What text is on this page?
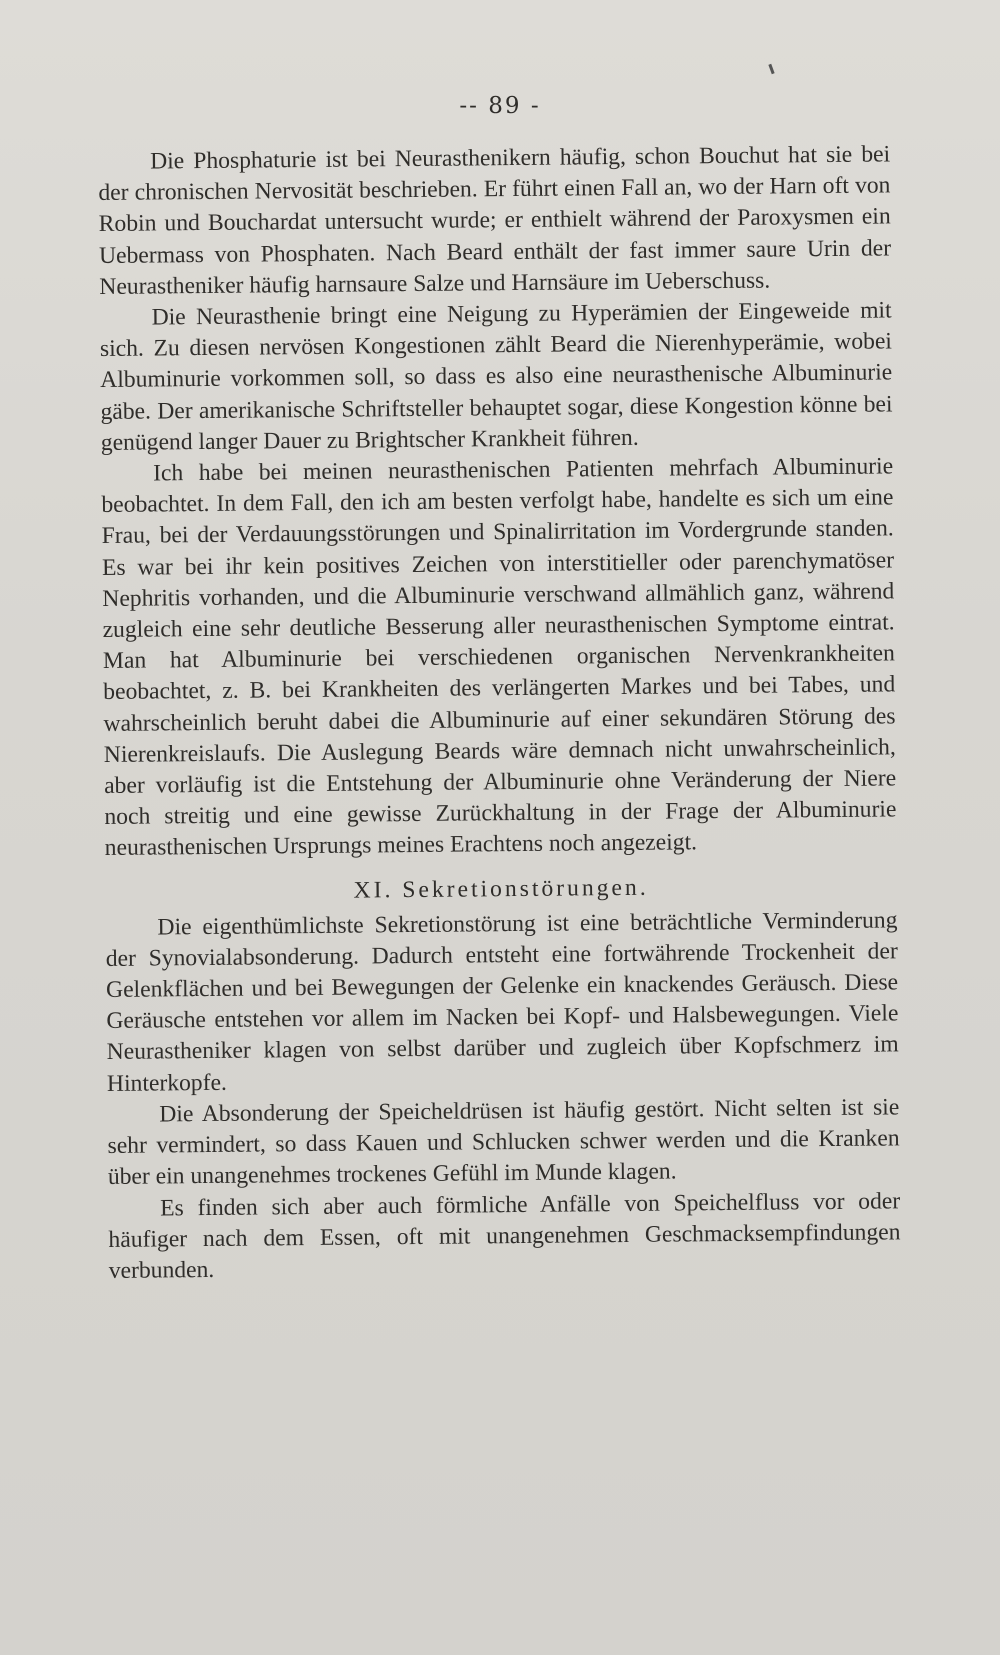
-- 89 -

Die Phosphaturie ist bei Neurasthenikern häufig, schon Bouchut hat sie bei der chronischen Nervosität beschrieben. Er führt einen Fall an, wo der Harn oft von Robin und Bouchardat untersucht wurde; er enthielt während der Paroxysmen ein Uebermass von Phosphaten. Nach Beard enthält der fast immer saure Urin der Neurastheniker häufig harnsaure Salze und Harnsäure im Ueberschuss.

Die Neurasthenie bringt eine Neigung zu Hyperämien der Eingeweide mit sich. Zu diesen nervösen Kongestionen zählt Beard die Nierenhyperämie, wobei Albuminurie vorkommen soll, so dass es also eine neurasthenische Albuminurie gäbe. Der amerikanische Schriftsteller behauptet sogar, diese Kongestion könne bei genügend langer Dauer zu Brightscher Krankheit führen.

Ich habe bei meinen neurasthenischen Patienten mehrfach Albuminurie beobachtet. In dem Fall, den ich am besten verfolgt habe, handelte es sich um eine Frau, bei der Verdauungsstörungen und Spinalirritation im Vordergrunde standen. Es war bei ihr kein positives Zeichen von interstitieller oder parenchymatöser Nephritis vorhanden, und die Albuminurie verschwand allmählich ganz, während zugleich eine sehr deutliche Besserung aller neurasthenischen Symptome eintrat. Man hat Albuminurie bei verschiedenen organischen Nervenkrankheiten beobachtet, z. B. bei Krankheiten des verlängerten Markes und bei Tabes, und wahrscheinlich beruht dabei die Albuminurie auf einer sekundären Störung des Nierenkreislaufs. Die Auslegung Beards wäre demnach nicht unwahrscheinlich, aber vorläufig ist die Entstehung der Albuminurie ohne Veränderung der Niere noch streitig und eine gewisse Zurückhaltung in der Frage der Albuminurie neurasthenischen Ursprungs meines Erachtens noch angezeigt.

XI. Sekretionstörungen.

Die eigenthümlichste Sekretionstörung ist eine beträchtliche Verminderung der Synovialabsonderung. Dadurch entsteht eine fortwährende Trockenheit der Gelenkflächen und bei Bewegungen der Gelenke ein knackendes Geräusch. Diese Geräusche entstehen vor allem im Nacken bei Kopf- und Halsbewegungen. Viele Neurastheniker klagen von selbst darüber und zugleich über Kopfschmerz im Hinterkopfe.

Die Absonderung der Speicheldrüsen ist häufig gestört. Nicht selten ist sie sehr vermindert, so dass Kauen und Schlucken schwer werden und die Kranken über ein unangenehmes trockenes Gefühl im Munde klagen.

Es finden sich aber auch förmliche Anfälle von Speichelfluss vor oder häufiger nach dem Essen, oft mit unangenehmen Geschmacksempfindungen verbunden.
